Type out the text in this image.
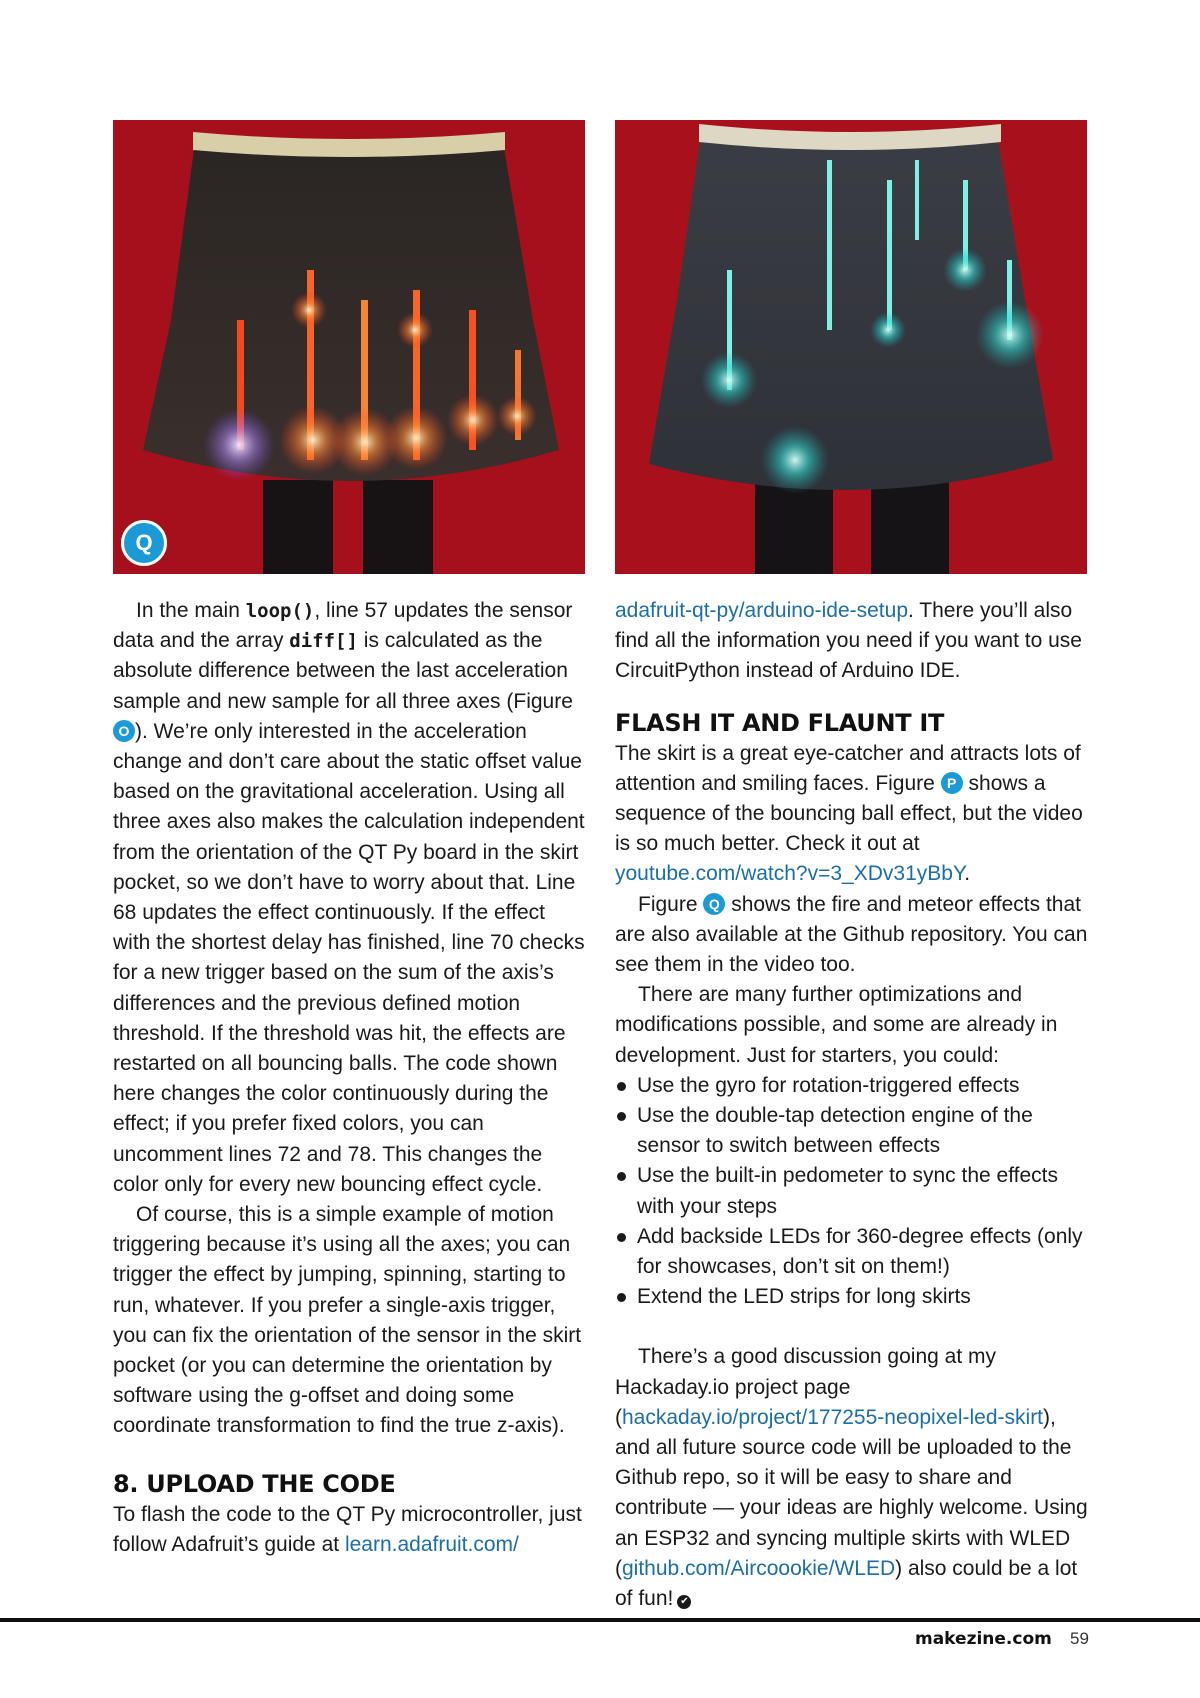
Q

In the main loop(), line 57 updates the sensor data and the array diff[] is calculated as the absolute difference between the last acceleration sample and new sample for all three axes (Figure O ). We’re only interested in the acceleration change and don’t care about the static offset value based on the gravitational acceleration. Using all three axes also makes the calculation independent from the orientation of the QT Py board in the skirt pocket, so we don’t have to worry about that. Line 68 updates the effect continuously. If the effect with the shortest delay has finished, line 70 checks for a new trigger based on the sum of the axis’s differences and the previous defined motion threshold. If the threshold was hit, the effects are restarted on all bouncing balls. The code shown here changes the color continuously during the effect; if you prefer fixed colors, you can uncomment lines 72 and 78. This changes the color only for every new bouncing effect cycle.

Of course, this is a simple example of motion triggering because it’s using all the axes; you can trigger the effect by jumping, spinning, starting to run, whatever. If you prefer a single-axis trigger, you can fix the orientation of the sensor in the skirt pocket (or you can determine the orientation by software using the g-offset and doing some coordinate transformation to find the true z-axis).

8. UPLOAD THE CODE

To flash the code to the QT Py microcontroller, just follow Adafruit’s guide at learn.adafruit.com/

adafruit-qt-py/arduino-ide-setup. There you’ll also find all the information you need if you want to use CircuitPython instead of Arduino IDE.

FLASH IT AND FLAUNT IT

The skirt is a great eye-catcher and attracts lots of attention and smiling faces. Figure P shows a sequence of the bouncing ball effect, but the video is so much better. Check it out at youtube.com/watch?v=3_XDv31yBbY.

Figure Q shows the fire and meteor effects that are also available at the Github repository. You can see them in the video too.

There are many further optimizations and modifications possible, and some are already in development. Just for starters, you could:

Use the gyro for rotation-triggered effects
Use the double-tap detection engine of the sensor to switch between effects
Use the built-in pedometer to sync the effects with your steps
Add backside LEDs for 360-degree effects (only for showcases, don’t sit on them!)
Extend the LED strips for long skirts

There’s a good discussion going at my Hackaday.io project page (hackaday.io/project/177255-neopixel-led-skirt), and all future source code will be uploaded to the Github repo, so it will be easy to share and contribute — your ideas are highly welcome. Using an ESP32 and syncing multiple skirts with WLED (github.com/Aircoookie/WLED) also could be a lot of fun! ✔

makezine.com 59
